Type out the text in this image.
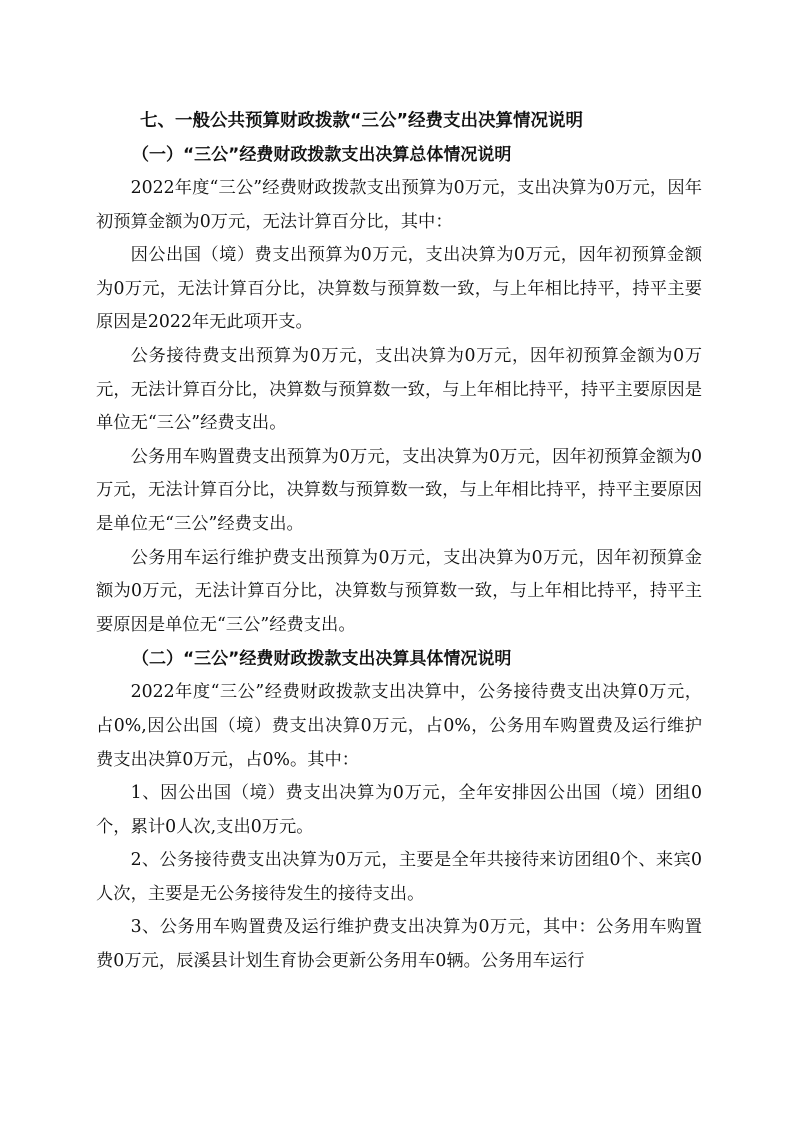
七、一般公共预算财政拨款“三公”经费支出决算情况说明
（一）“三公”经费财政拨款支出决算总体情况说明

2022年度“三公”经费财政拨款支出预算为0万元，支出决算为0万元，因年初预算金额为0万元，无法计算百分比，其中：

因公出国（境）费支出预算为0万元，支出决算为0万元，因年初预算金额为0万元，无法计算百分比，决算数与预算数一致，与上年相比持平，持平主要原因是2022年无此项开支。

公务接待费支出预算为0万元，支出决算为0万元，因年初预算金额为0万元，无法计算百分比，决算数与预算数一致，与上年相比持平，持平主要原因是单位无“三公”经费支出。

公务用车购置费支出预算为0万元，支出决算为0万元，因年初预算金额为0万元，无法计算百分比，决算数与预算数一致，与上年相比持平，持平主要原因是单位无“三公”经费支出。

公务用车运行维护费支出预算为0万元，支出决算为0万元，因年初预算金额为0万元，无法计算百分比，决算数与预算数一致，与上年相比持平，持平主要原因是单位无“三公”经费支出。

（二）“三公”经费财政拨款支出决算具体情况说明

2022年度“三公”经费财政拨款支出决算中，公务接待费支出决算0万元，占0%,因公出国（境）费支出决算0万元，占0%，公务用车购置费及运行维护费支出决算0万元，占0%。其中：

1、因公出国（境）费支出决算为0万元，全年安排因公出国（境）团组0个，累计0人次,支出0万元。

2、公务接待费支出决算为0万元，主要是全年共接待来访团组0个、来宾0人次，主要是无公务接待发生的接待支出。

3、公务用车购置费及运行维护费支出决算为0万元，其中：公务用车购置费0万元，辰溪县计划生育协会更新公务用车0辆。公务用车运行
